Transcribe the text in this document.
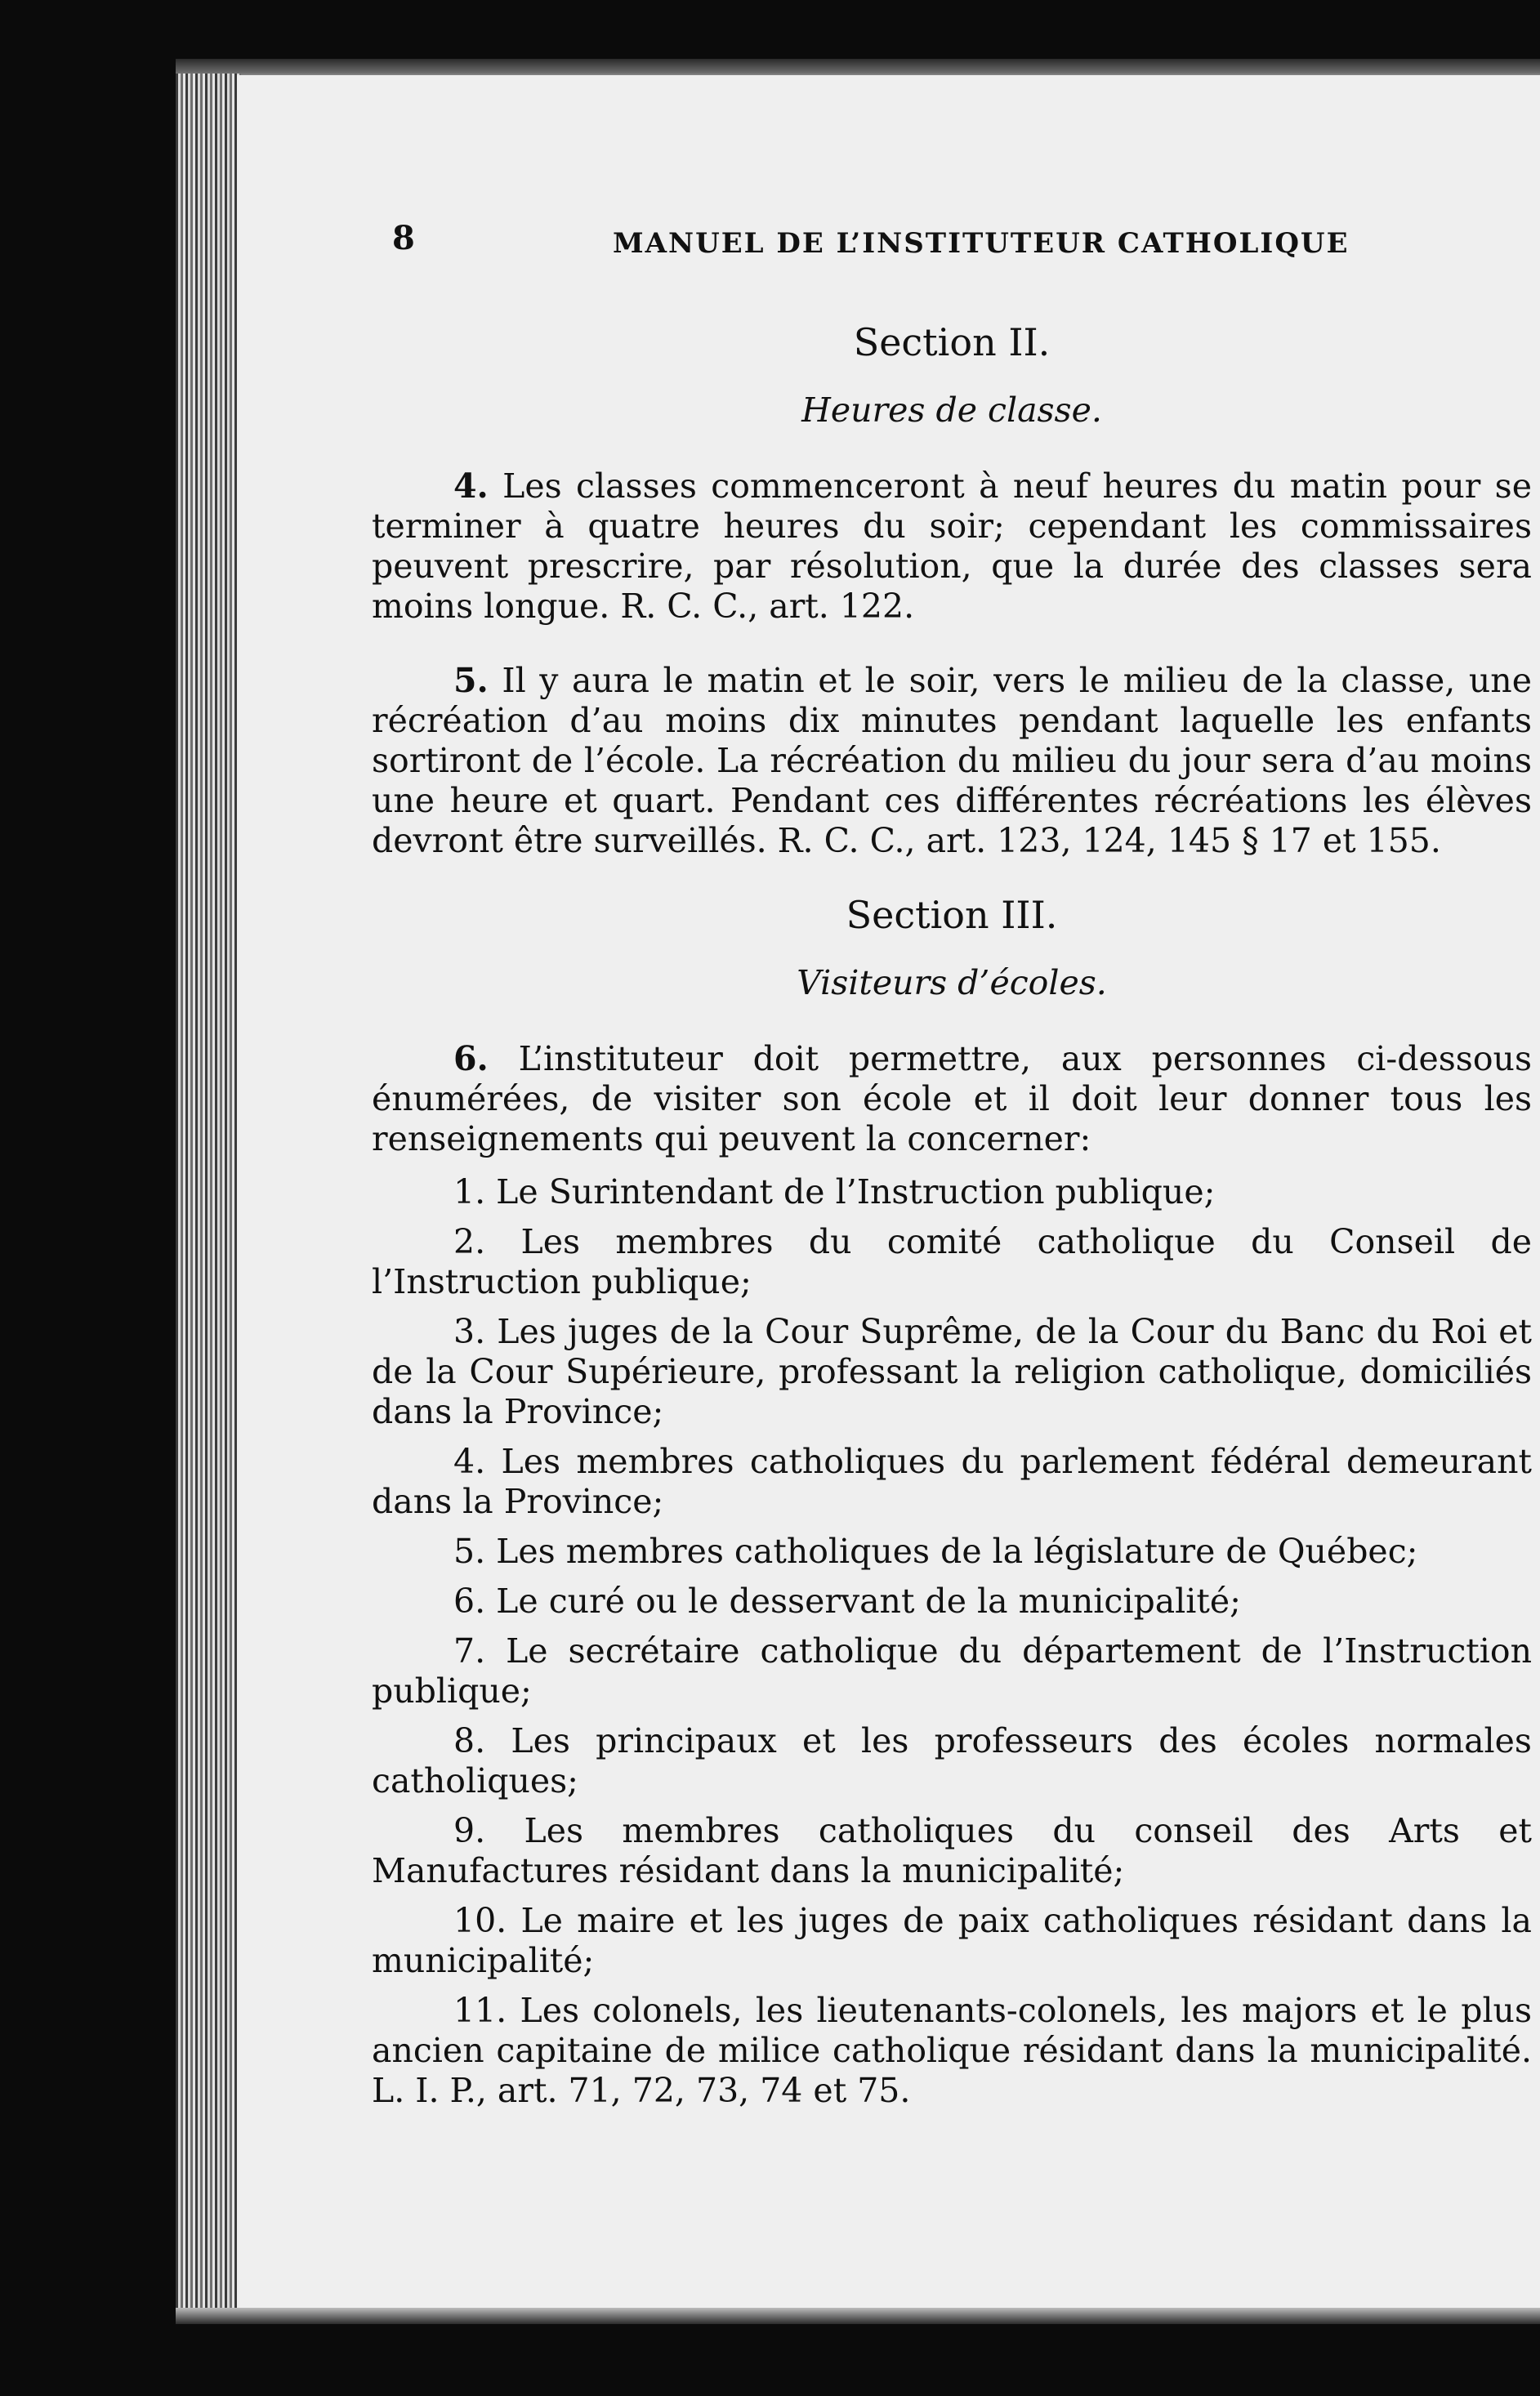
8	MANUEL DE L’INSTITUTEUR CATHOLIQUE
Section II.
Heures de classe.

4. Les classes commenceront à neuf heures du matin pour se terminer à quatre heures du soir; cependant les commissaires peuvent prescrire, par résolution, que la durée des classes sera moins longue. R. C. C., art. 122.

5. Il y aura le matin et le soir, vers le milieu de la classe, une récréation d’au moins dix minutes pendant laquelle les enfants sortiront de l’école. La récréation du milieu du jour sera d’au moins une heure et quart. Pendant ces différentes récréations les élèves devront être surveillés. R. C. C., art. 123, 124, 145 § 17 et 155.

Section III.
Visiteurs d’écoles.

6. L’instituteur doit permettre, aux personnes ci-dessous énumérées, de visiter son école et il doit leur donner tous les renseignements qui peuvent la concerner:

1. Le Surintendant de l’Instruction publique;

2. Les membres du comité catholique du Conseil de l’Instruction publique;

3. Les juges de la Cour Suprême, de la Cour du Banc du Roi et de la Cour Supérieure, professant la religion catholique, domiciliés dans la Province;

4. Les membres catholiques du parlement fédéral demeurant dans la Province;

5. Les membres catholiques de la législature de Québec;

6. Le curé ou le desservant de la municipalité;

7. Le secrétaire catholique du département de l’Instruction publique;

8. Les principaux et les professeurs des écoles normales catholiques;

9. Les membres catholiques du conseil des Arts et Manufactures résidant dans la municipalité;

10. Le maire et les juges de paix catholiques résidant dans la municipalité;

11. Les colonels, les lieutenants-colonels, les majors et le plus ancien capitaine de milice catholique résidant dans la municipalité. L. I. P., art. 71, 72, 73, 74 et 75.
